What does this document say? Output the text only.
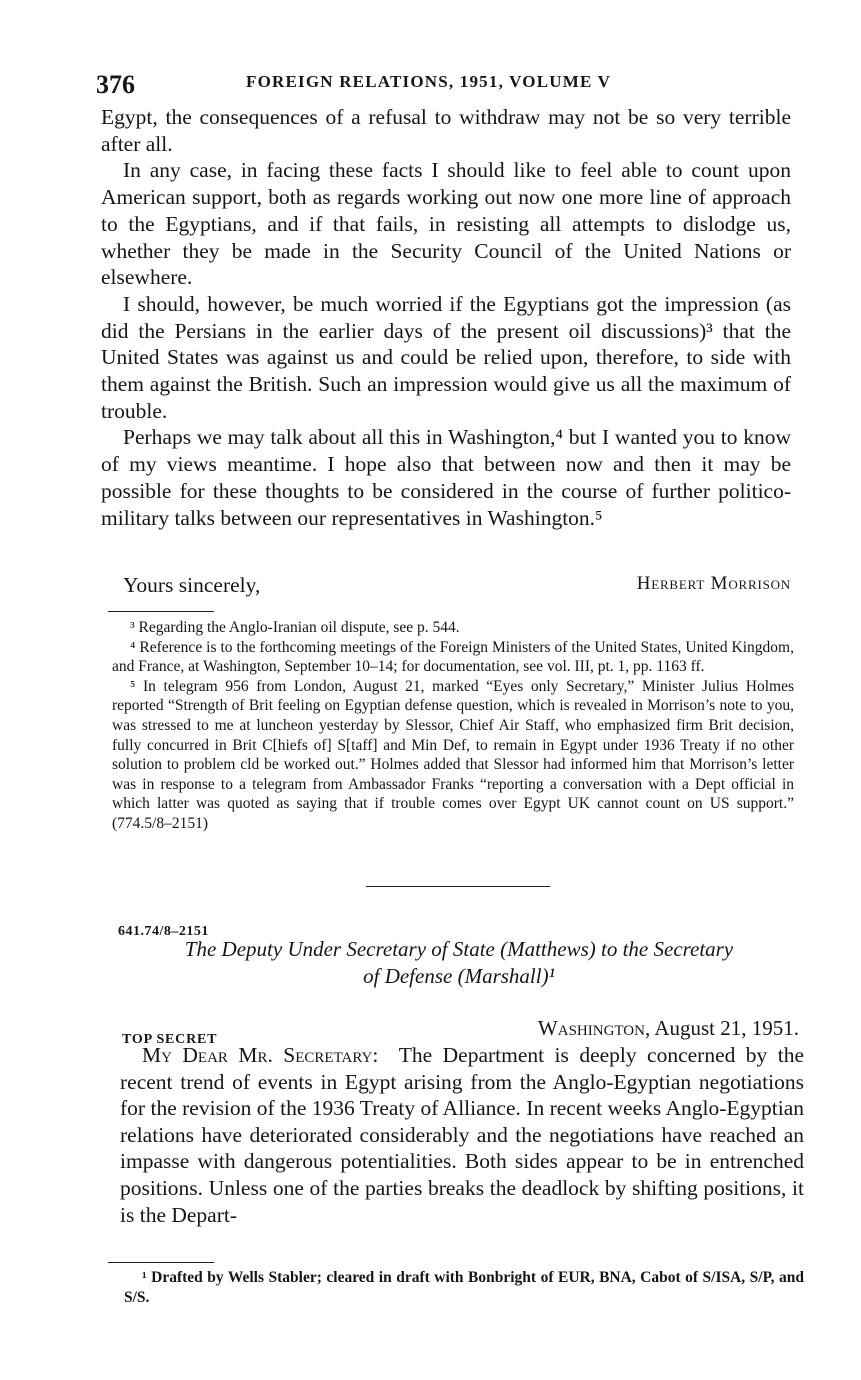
376	FOREIGN RELATIONS, 1951, VOLUME V

Egypt, the consequences of a refusal to withdraw may not be so very terrible after all.

In any case, in facing these facts I should like to feel able to count upon American support, both as regards working out now one more line of approach to the Egyptians, and if that fails, in resisting all attempts to dislodge us, whether they be made in the Security Council of the United Nations or elsewhere.

I should, however, be much worried if the Egyptians got the impression (as did the Persians in the earlier days of the present oil discussions)³ that the United States was against us and could be relied upon, therefore, to side with them against the British. Such an impression would give us all the maximum of trouble.

Perhaps we may talk about all this in Washington,⁴ but I wanted you to know of my views meantime. I hope also that between now and then it may be possible for these thoughts to be considered in the course of further politico-military talks between our representatives in Washington.⁵

Yours sincerely,	Herbert Morrison

³ Regarding the Anglo-Iranian oil dispute, see p. 544.

⁴ Reference is to the forthcoming meetings of the Foreign Ministers of the United States, United Kingdom, and France, at Washington, September 10–14; for documentation, see vol. III, pt. 1, pp. 1163 ff.

⁵ In telegram 956 from London, August 21, marked “Eyes only Secretary,” Minister Julius Holmes reported “Strength of Brit feeling on Egyptian defense question, which is revealed in Morrison’s note to you, was stressed to me at luncheon yesterday by Slessor, Chief Air Staff, who emphasized firm Brit decision, fully concurred in Brit C[hiefs of] S[taff] and Min Def, to remain in Egypt under 1936 Treaty if no other solution to problem cld be worked out.” Holmes added that Slessor had informed him that Morrison’s letter was in response to a telegram from Ambassador Franks “reporting a conversation with a Dept official in which latter was quoted as saying that if trouble comes over Egypt UK cannot count on US support.” (774.5/8–2151)

641.74/8–2151
The Deputy Under Secretary of State (Matthews) to the Secretary
of Defense (Marshall)¹
TOP SECRET	Washington, August 21, 1951.

My Dear Mr. Secretary: The Department is deeply concerned by the recent trend of events in Egypt arising from the Anglo-Egyptian negotiations for the revision of the 1936 Treaty of Alliance. In recent weeks Anglo-Egyptian relations have deteriorated considerably and the negotiations have reached an impasse with dangerous potentialities. Both sides appear to be in entrenched positions. Unless one of the parties breaks the deadlock by shifting positions, it is the Depart-

¹ Drafted by Wells Stabler; cleared in draft with Bonbright of EUR, BNA, Cabot of S/ISA, S/P, and S/S.
